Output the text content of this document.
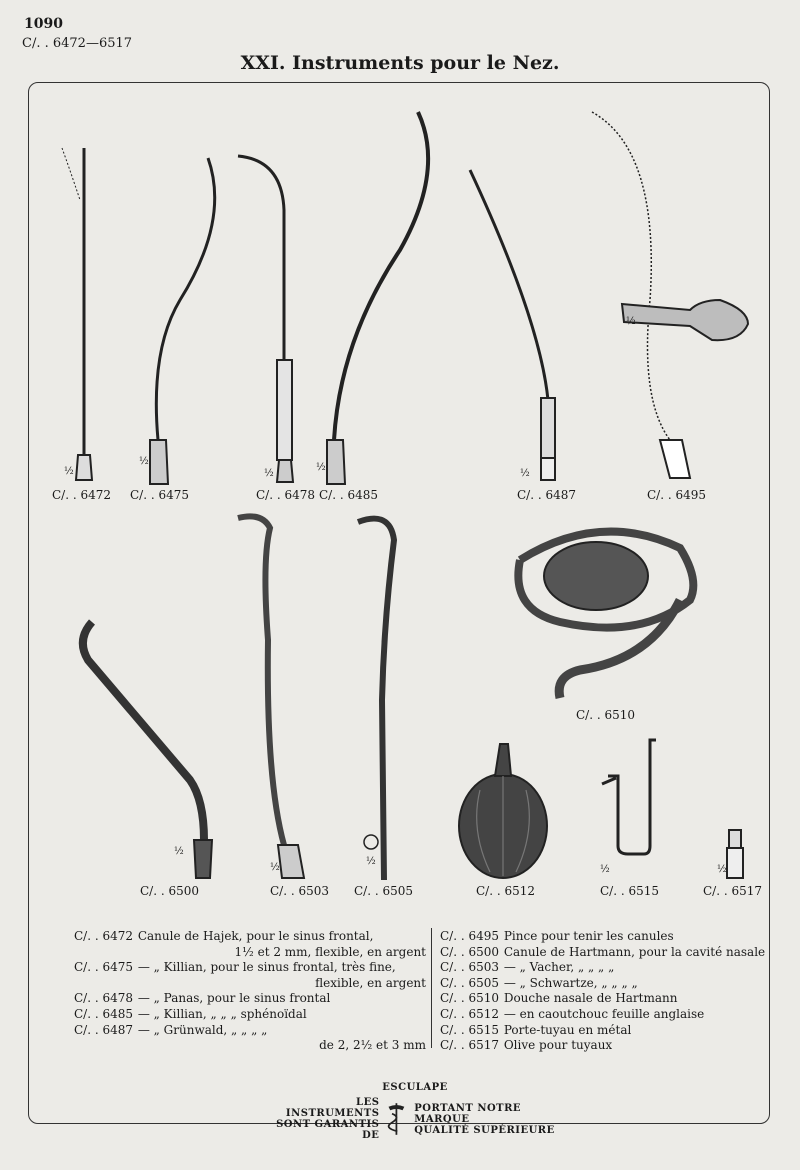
1090
C/. . 6472—6517
XXI. Instruments pour le Nez.
½
½
½
½
½
½
½
½
½
½	½
C/. . 6472 C/. . 6475	C/. . 6478 C/. . 6485	C/. . 6487	C/. . 6495
C/. . 6500	C/. . 6503 C/. . 6505
C/. . 6510
C/. . 6512	C/. . 6515	C/. . 6517
C/. . 6472 Canule de Hajek, pour le sinus frontal,
1½ et 2 mm, flexible, en argent
C/. . 6475 — „ Killian, pour le sinus frontal, très fine,
flexible, en argent
C/. . 6478 — „ Panas, pour le sinus frontal
C/. . 6485 — „ Killian, „ „ „ sphénoïdal
C/. . 6487 — „ Grünwald, „ „ „ „
de 2, 2½ et 3 mm
C/. . 6495 Pince pour tenir les canules
C/. . 6500 Canule de Hartmann, pour la cavité nasale
C/. . 6503 — „ Vacher, „ „ „ „
C/. . 6505 — „ Schwartze, „ „ „ „
C/. . 6510 Douche nasale de Hartmann
C/. . 6512 — en caoutchouc feuille anglaise
C/. . 6515 Porte-tuyau en métal
C/. . 6517 Olive pour tuyaux
ESCULAPE
LES INSTRUMENTS
SONT GARANTIS DE
PORTANT NOTRE MARQUE
QUALITÉ SUPÉRIEURE
